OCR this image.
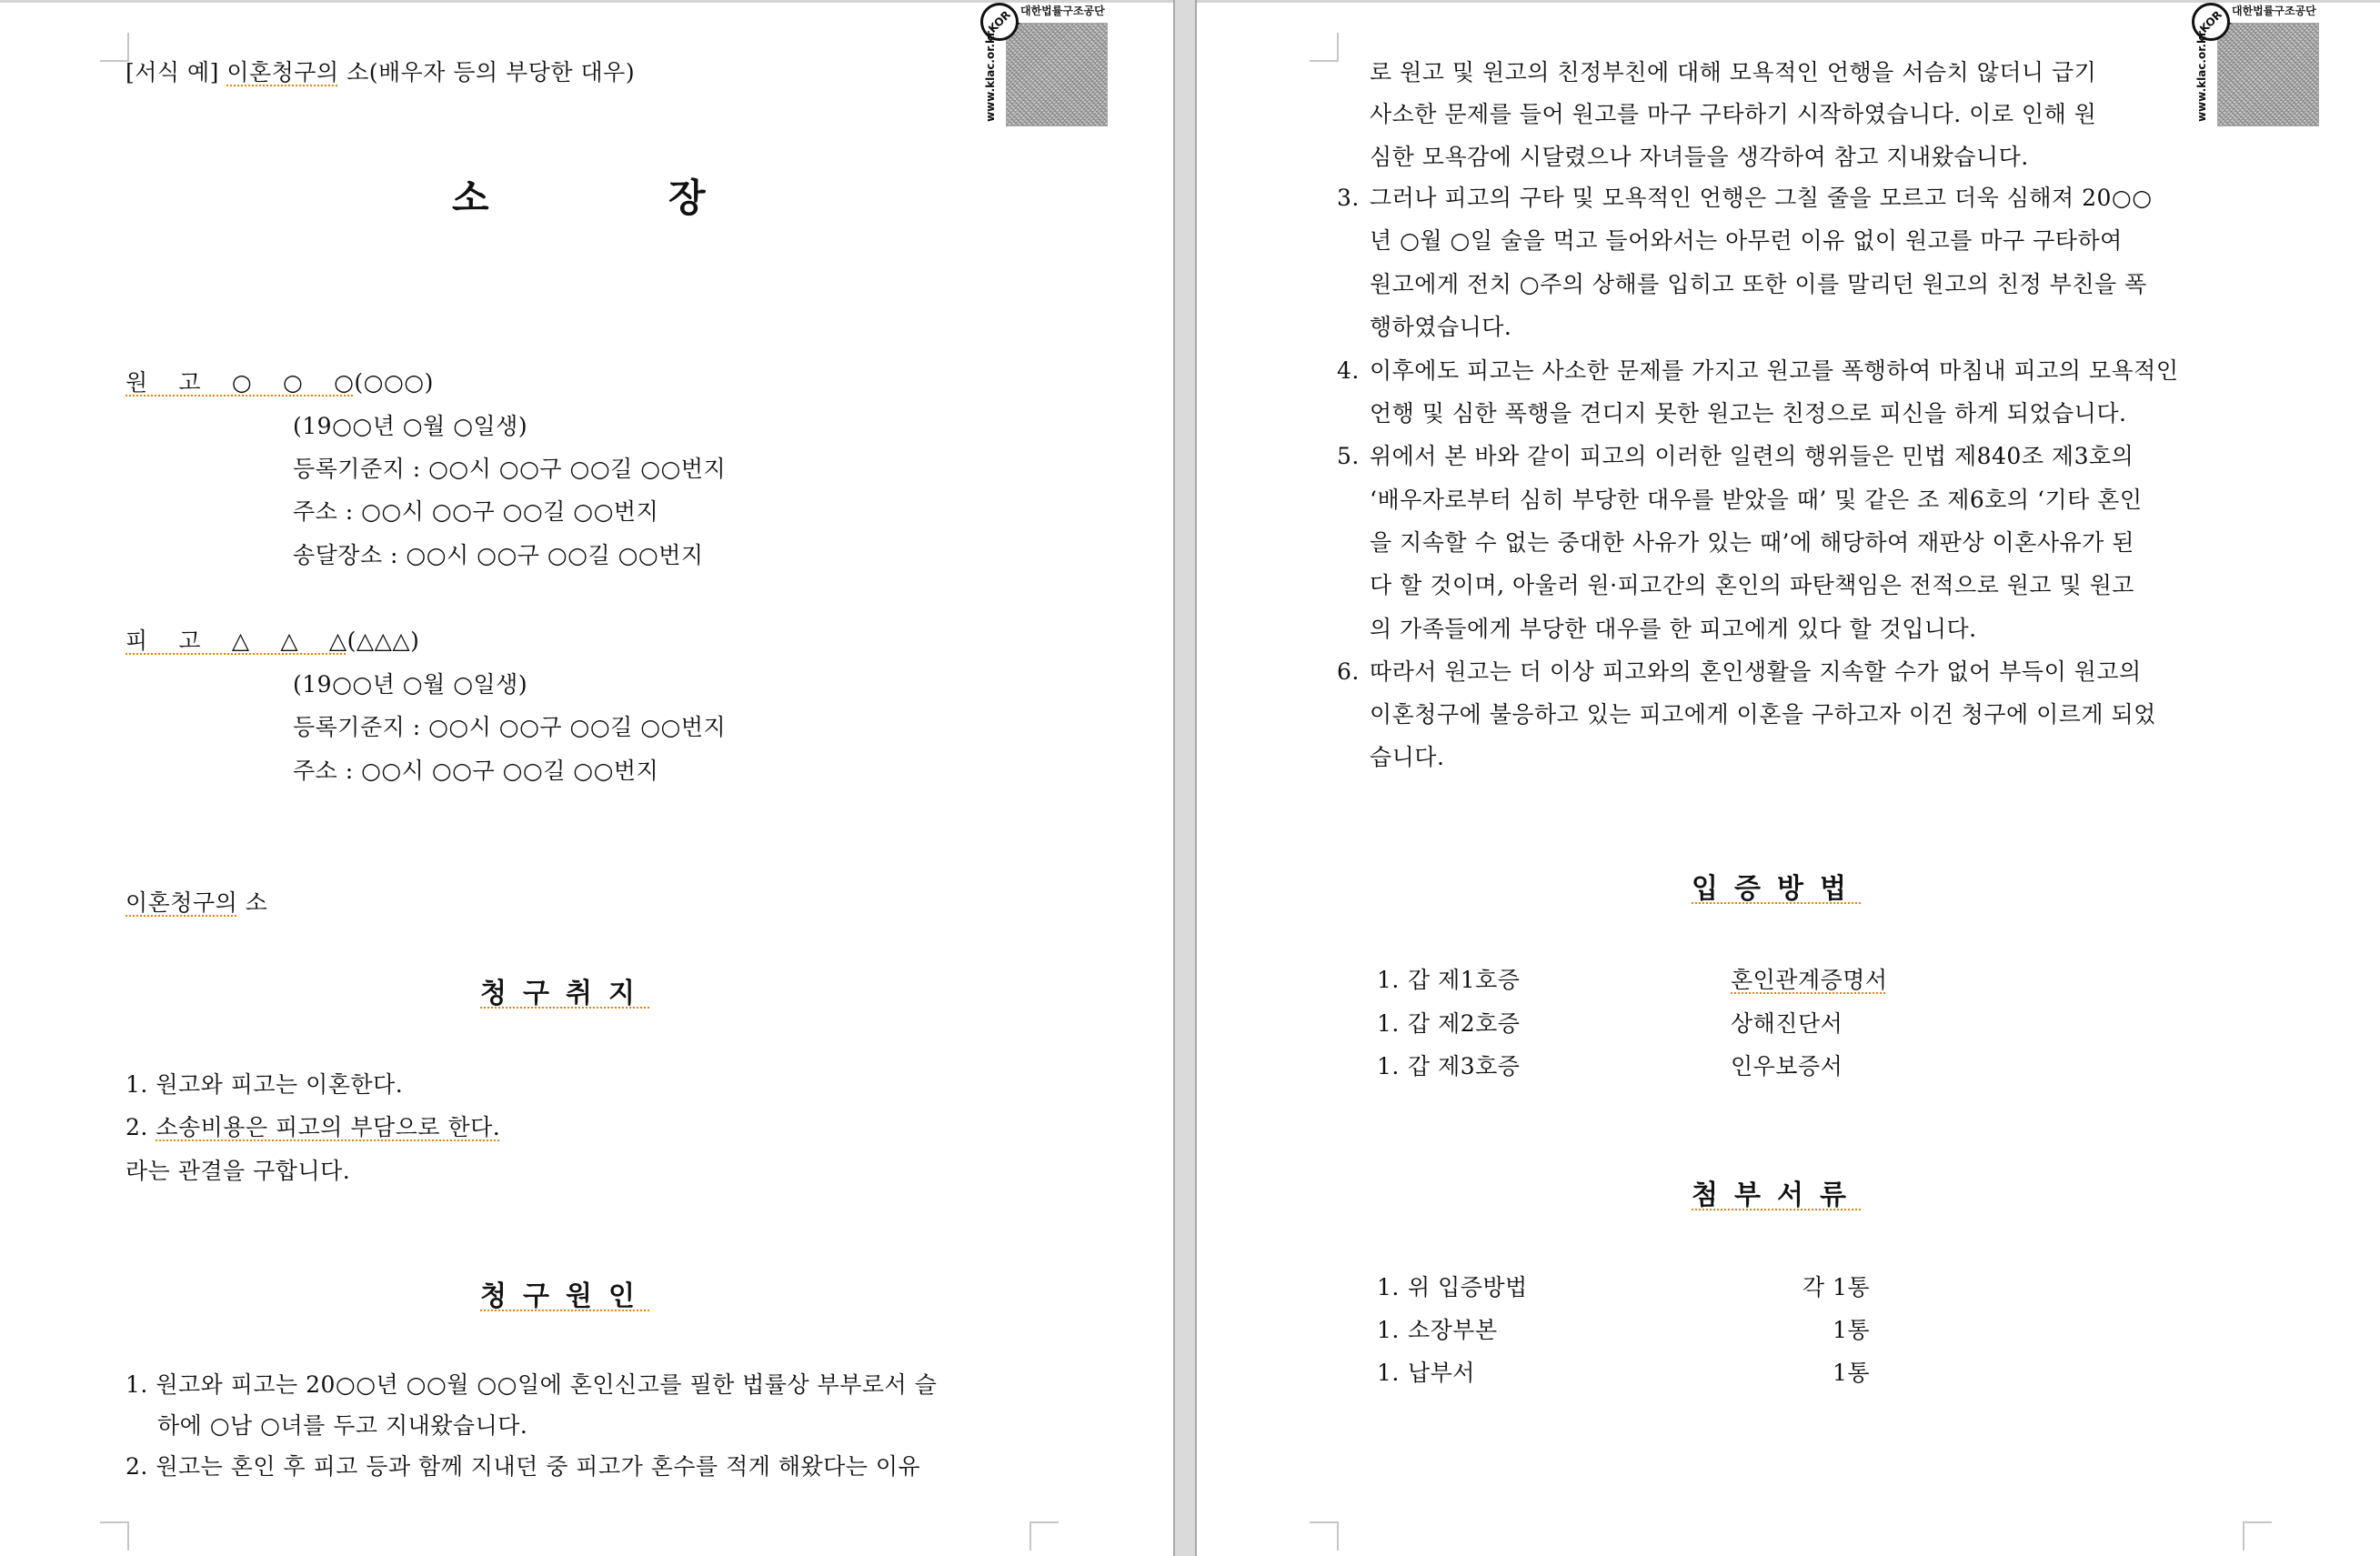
KOR 대한법률구조공단
www.klac.or.kr
[서식 예] 이혼청구의 소(배우자 등의 부당한 대우)
소	장
원    고    ○    ○    ○(○○○)
(19○○년 ○월 ○일생)
등록기준지 : ○○시 ○○구 ○○길 ○○번지
주소 : ○○시 ○○구 ○○길 ○○번지
송달장소 : ○○시 ○○구 ○○길 ○○번지
피    고    △    △    △(△△△)
(19○○년 ○월 ○일생)
등록기준지 : ○○시 ○○구 ○○길 ○○번지
주소 : ○○시 ○○구 ○○길 ○○번지
이혼청구의 소
청구취지
1. 원고와 피고는 이혼한다.
2. 소송비용은 피고의 부담으로 한다.
라는 관결을 구합니다.
청구원인
1. 원고와 피고는 20○○년 ○○월 ○○일에 혼인신고를 필한 법률상 부부로서 슬
하에 ○남 ○녀를 두고 지내왔습니다.
2. 원고는 혼인 후 피고 등과 함께 지내던 중 피고가 혼수를 적게 해왔다는 이유
KOR 대한법률구조공단
www.klac.or.kr
로 원고 및 원고의 친정부친에 대해 모욕적인 언행을 서슴치 않더니 급기
사소한 문제를 들어 원고를 마구 구타하기 시작하였습니다. 이로 인해 원
심한 모욕감에 시달렸으나 자녀들을 생각하여 참고 지내왔습니다.
3. 그러나 피고의 구타 및 모욕적인 언행은 그칠 줄을 모르고 더욱 심해져 20○○
년 ○월 ○일 술을 먹고 들어와서는 아무런 이유 없이 원고를 마구 구타하여
원고에게 전치 ○주의 상해를 입히고 또한 이를 말리던 원고의 친정 부친을 폭
행하였습니다.
4. 이후에도 피고는 사소한 문제를 가지고 원고를 폭행하여 마침내 피고의 모욕적인
언행 및 심한 폭행을 견디지 못한 원고는 친정으로 피신을 하게 되었습니다.
5. 위에서 본 바와 같이 피고의 이러한 일련의 행위들은 민법 제840조 제3호의
‘배우자로부터 심히 부당한 대우를 받았을 때’ 및 같은 조 제6호의 ‘기타 혼인
을 지속할 수 없는 중대한 사유가 있는 때’에 해당하여 재판상 이혼사유가 된
다 할 것이며, 아울러 원·피고간의 혼인의 파탄책임은 전적으로 원고 및 원고
의 가족들에게 부당한 대우를 한 피고에게 있다 할 것입니다.
6. 따라서 원고는 더 이상 피고와의 혼인생활을 지속할 수가 없어 부득이 원고의
이혼청구에 불응하고 있는 피고에게 이혼을 구하고자 이건 청구에 이르게 되었
습니다.
입증방법
1. 갑 제1호증	혼인관계증명서
1. 갑 제2호증	상해진단서
1. 갑 제3호증	인우보증서
첨부서류
1. 위 입증방법	각 1통
1. 소장부본	1통
1. 납부서	1통
